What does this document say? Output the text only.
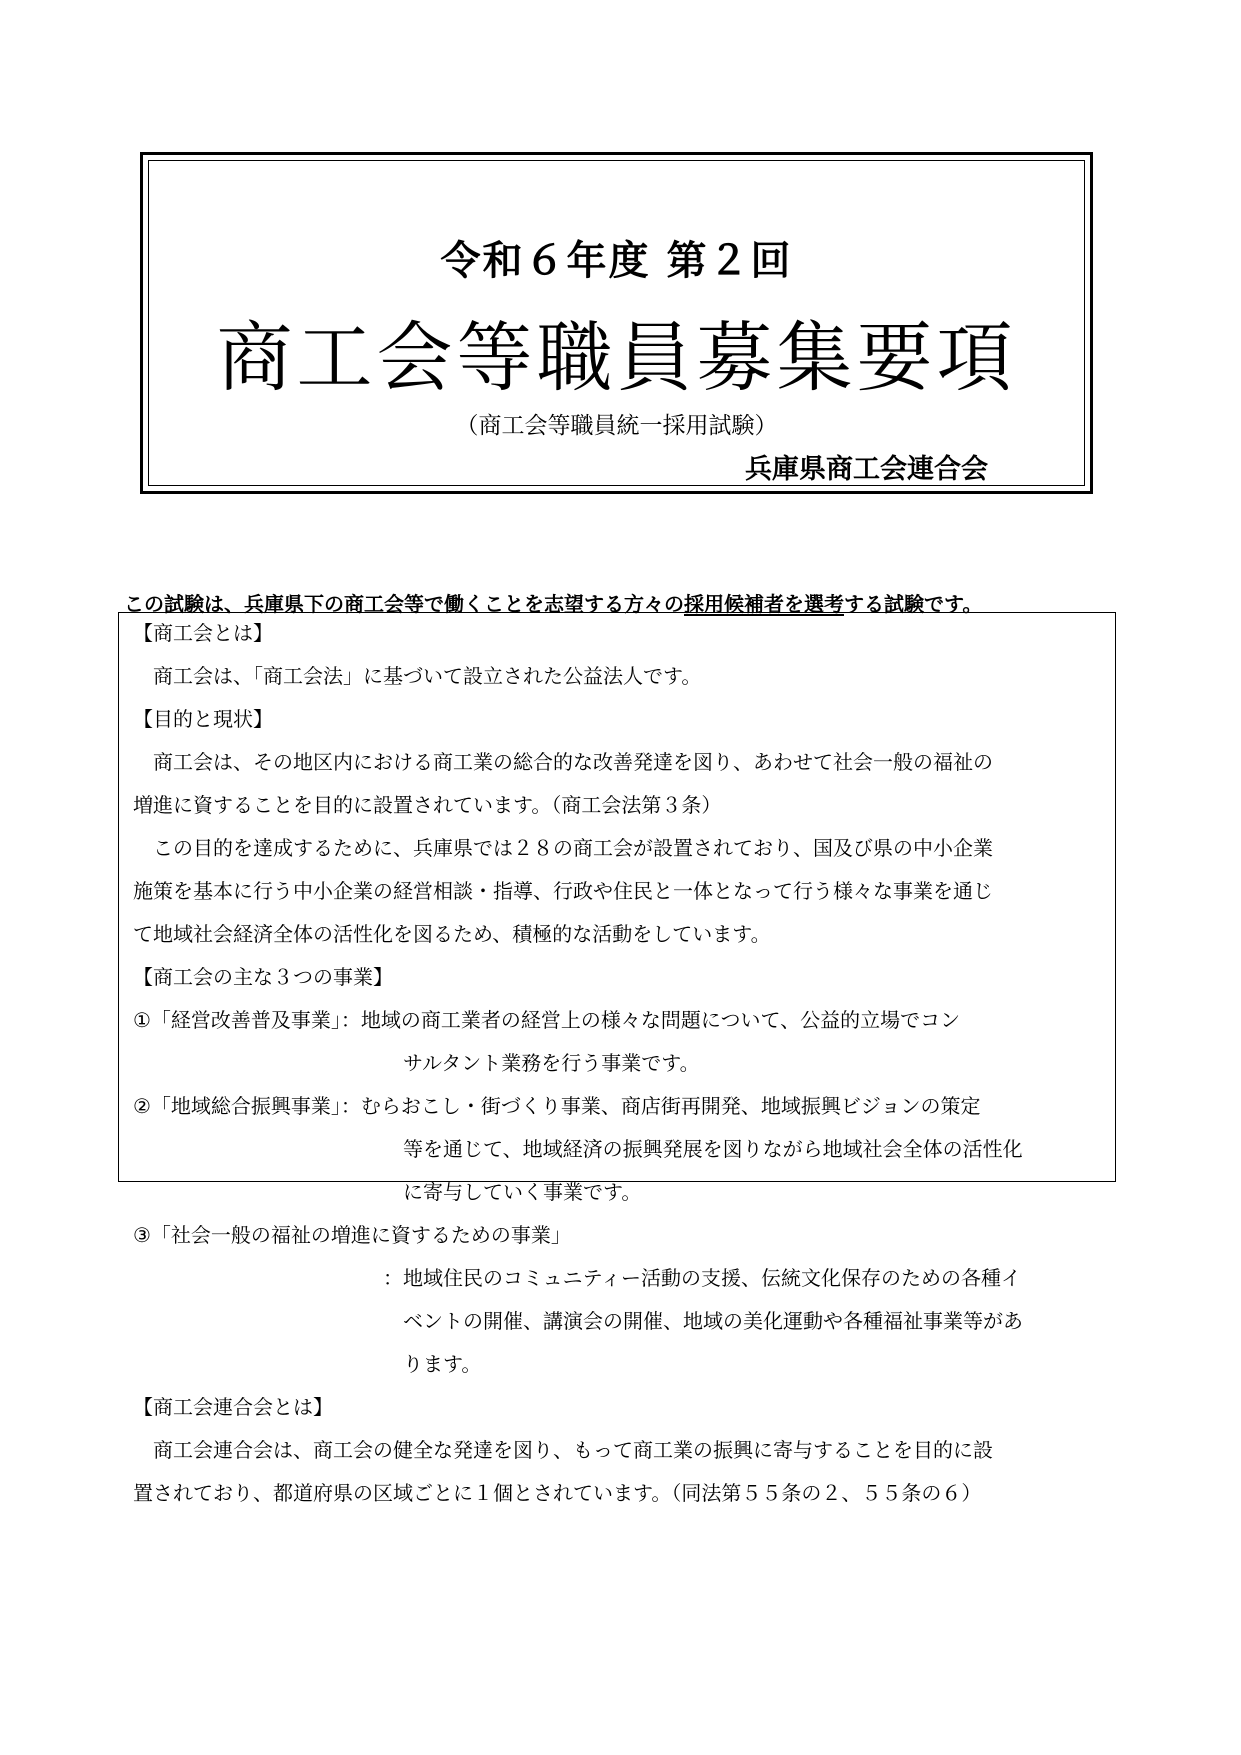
令和６年度 第２回
商工会等職員募集要項
（商工会等職員統一採用試験）
兵庫県商工会連合会
この試験は、兵庫県下の商工会等で働くことを志望する方々の採用候補者を選考する試験です。
【商工会とは】
　商工会は、「商工会法」に基づいて設立された公益法人です。
【目的と現状】
　商工会は、その地区内における商工業の総合的な改善発達を図り、あわせて社会一般の福祉の
増進に資することを目的に設置されています。（商工会法第３条）
　この目的を達成するために、兵庫県では２８の商工会が設置されており、国及び県の中小企業
施策を基本に行う中小企業の経営相談・指導、行政や住民と一体となって行う様々な事業を通じ
て地域社会経済全体の活性化を図るため、積極的な活動をしています。
【商工会の主な３つの事業】
①「経営改善普及事業」：地域の商工業者の経営上の様々な問題について、公益的立場でコン
サルタント業務を行う事業です。
②「地域総合振興事業」：むらおこし・街づくり事業、商店街再開発、地域振興ビジョンの策定
等を通じて、地域経済の振興発展を図りながら地域社会全体の活性化
に寄与していく事業です。
③「社会一般の福祉の増進に資するための事業」
：地域住民のコミュニティー活動の支援、伝統文化保存のための各種イ
ベントの開催、講演会の開催、地域の美化運動や各種福祉事業等があ
ります。
【商工会連合会とは】
　商工会連合会は、商工会の健全な発達を図り、もって商工業の振興に寄与することを目的に設
置されており、都道府県の区域ごとに１個とされています。（同法第５５条の２、５５条の６）
